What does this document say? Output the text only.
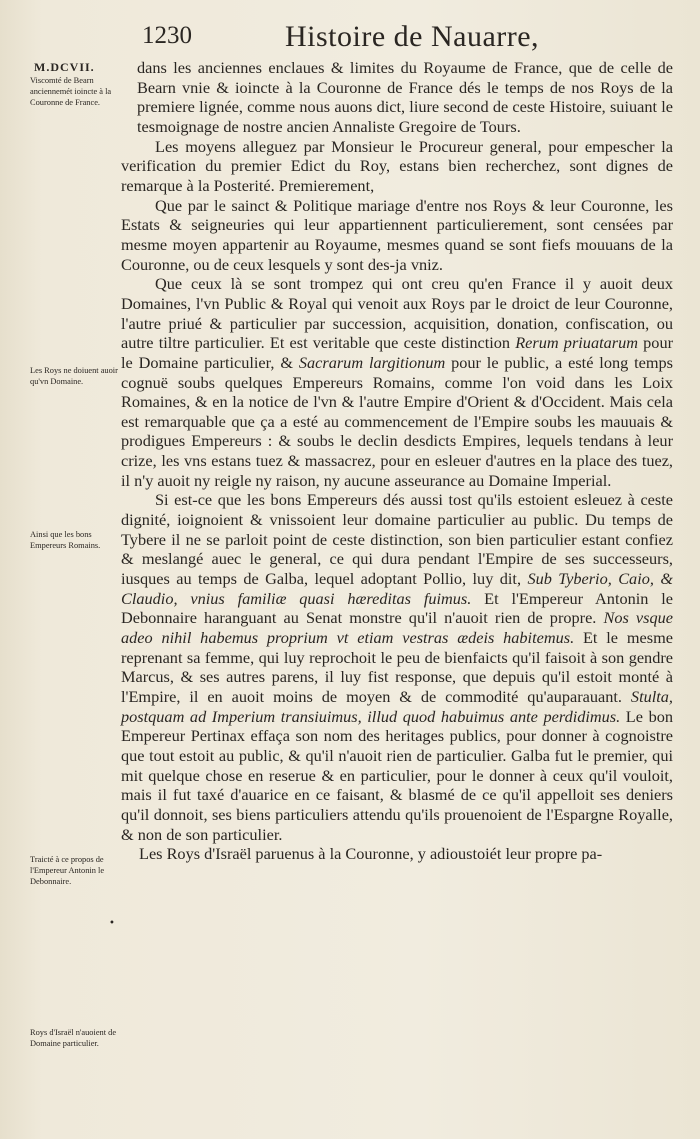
1230	Histoire de Nauarre,
M.DCVII.
Viscomté de Bearn anciennemét ioincte à la Couronne de France.
Les Roys ne doiuent auoir qu'vn Domaine.
Ainsi que les bons Empereurs Romains.
Traicté à ce propos de l'Empereur Antonin le Debonnaire.
Roys d'Israël n'auoient de Domaine particulier.
•

dans les anciennes enclaues & limites du Royaume de France, que de celle de Bearn vnie & ioincte à la Couronne de France dés le temps de nos Roys de la premiere lignée, comme nous auons dict, liure second de ceste Histoire, suiuant le tesmoignage de nostre ancien Annaliste Gregoire de Tours.

Les moyens alleguez par Monsieur le Procureur general, pour empescher la verification du premier Edict du Roy, estans bien recherchez, sont dignes de remarque à la Posterité. Premierement,

Que par le sainct & Politique mariage d'entre nos Roys & leur Couronne, les Estats & seigneuries qui leur appartiennent particulierement, sont censées par mesme moyen appartenir au Royaume, mesmes quand se sont fiefs mouuans de la Couronne, ou de ceux lesquels y sont des-ja vniz.

Que ceux là se sont trompez qui ont creu qu'en France il y auoit deux Domaines, l'vn Public & Royal qui venoit aux Roys par le droict de leur Couronne, l'autre priué & particulier par succession, acquisition, donation, confiscation, ou autre tiltre particulier. Et est veritable que ceste distinction Rerum priuatarum pour le Domaine particulier, & Sacrarum largitionum pour le public, a esté long temps cognuë soubs quelques Empereurs Romains, comme l'on void dans les Loix Romaines, & en la notice de l'vn & l'autre Empire d'Orient & d'Occident. Mais cela est remarquable que ça a esté au commencement de l'Empire soubs les mauuais & prodigues Empereurs : & soubs le declin desdicts Empires, lequels tendans à leur crize, les vns estans tuez & massacrez, pour en esleuer d'autres en la place des tuez, il n'y auoit ny reigle ny raison, ny aucune asseurance au Domaine Imperial.

Si est-ce que les bons Empereurs dés aussi tost qu'ils estoient esleuez à ceste dignité, ioignoient & vnissoient leur domaine particulier au public. Du temps de Tybere il ne se parloit point de ceste distinction, son bien particulier estant confiez & meslangé auec le general, ce qui dura pendant l'Empire de ses successeurs, iusques au temps de Galba, lequel adoptant Pollio, luy dit, Sub Tyberio, Caio, & Claudio, vnius familiæ quasi hæreditas fuimus. Et l'Empereur Antonin le Debonnaire haranguant au Senat monstre qu'il n'auoit rien de propre. Nos vsque adeo nihil habemus proprium vt etiam vestras ædeis habitemus. Et le mesme reprenant sa femme, qui luy reprochoit le peu de bienfaicts qu'il faisoit à son gendre Marcus, & ses autres parens, il luy fist response, que depuis qu'il estoit monté à l'Empire, il en auoit moins de moyen & de commodité qu'auparauant. Stulta, postquam ad Imperium transiuimus, illud quod habuimus ante perdidimus. Le bon Empereur Pertinax effaça son nom des heritages publics, pour donner à cognoistre que tout estoit au public, & qu'il n'auoit rien de particulier. Galba fut le premier, qui mit quelque chose en reserue & en particulier, pour le donner à ceux qu'il vouloit, mais il fut taxé d'auarice en ce faisant, & blasmé de ce qu'il appelloit ses deniers qu'il donnoit, ses biens particuliers attendu qu'ils prouenoient de l'Espargne Royalle, & non de son particulier.

Les Roys d'Israël paruenus à la Couronne, y adioustoiét leur propre pa-
